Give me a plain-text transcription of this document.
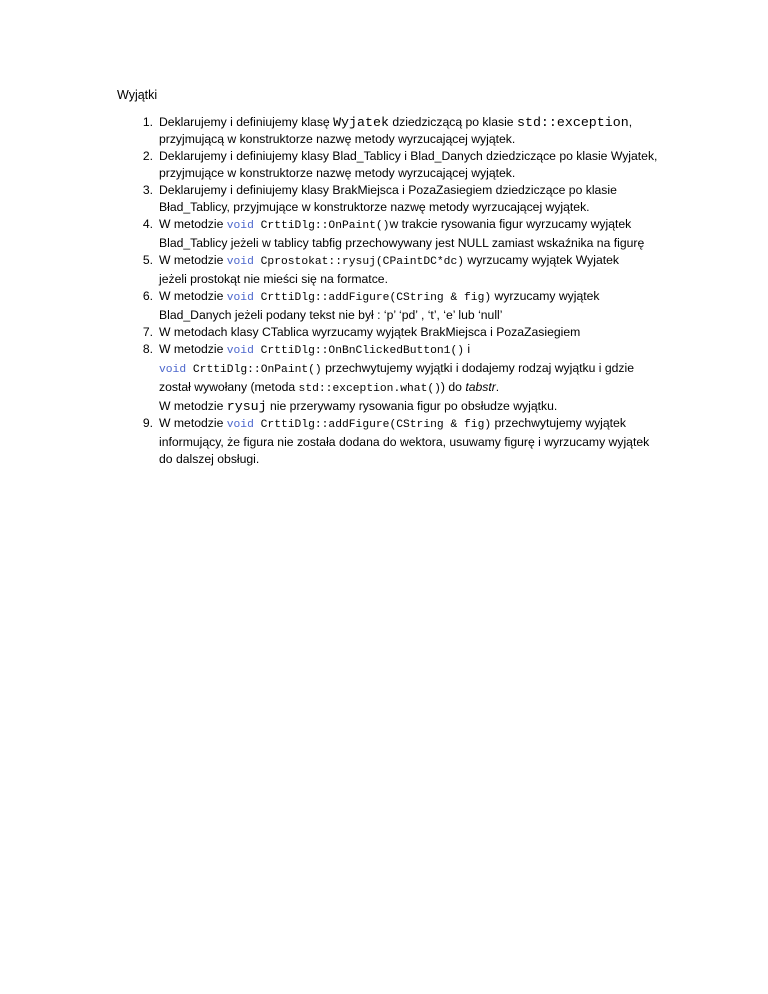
Wyjątki
1. Deklarujemy i definiujemy klasę Wyjatek dziedziczącą po klasie std::exception,
przyjmującą w konstruktorze nazwę metody wyrzucającej wyjątek.
2. Deklarujemy i definiujemy klasy Blad_Tablicy i Blad_Danych dziedziczące po klasie Wyjatek,
przyjmujące w konstruktorze nazwę metody wyrzucającej wyjątek.
3. Deklarujemy i definiujemy klasy BrakMiejsca i PozaZasiegiem dziedziczące po klasie
Bład_Tablicy, przyjmujące w konstruktorze nazwę metody wyrzucającej wyjątek.
4. W metodzie void CrttiDlg::OnPaint()w trakcie rysowania figur wyrzucamy wyjątek
Blad_Tablicy jeżeli w tablicy tabfig przechowywany jest NULL zamiast wskaźnika na figurę
5. W metodzie void Cprostokat::rysuj(CPaintDC*dc) wyrzucamy wyjątek Wyjatek
jeżeli prostokąt nie mieści się na formatce.
6. W metodzie void CrttiDlg::addFigure(CString & fig) wyrzucamy wyjątek
Blad_Danych jeżeli podany tekst nie był : ‘p’ ‘pd’ , ‘t’, ‘e’ lub ‘null’
7. W metodach klasy CTablica wyrzucamy wyjątek BrakMiejsca i PozaZasiegiem
8. W metodzie void CrttiDlg::OnBnClickedButton1() i
void CrttiDlg::OnPaint() przechwytujemy wyjątki i dodajemy rodzaj wyjątku i gdzie
został wywołany (metoda std::exception.what()) do tabstr.
W metodzie rysuj nie przerywamy rysowania figur po obsłudze wyjątku.
9. W metodzie void CrttiDlg::addFigure(CString & fig) przechwytujemy wyjątek
informujący, że figura nie została dodana do wektora, usuwamy figurę i wyrzucamy wyjątek
do dalszej obsługi.
